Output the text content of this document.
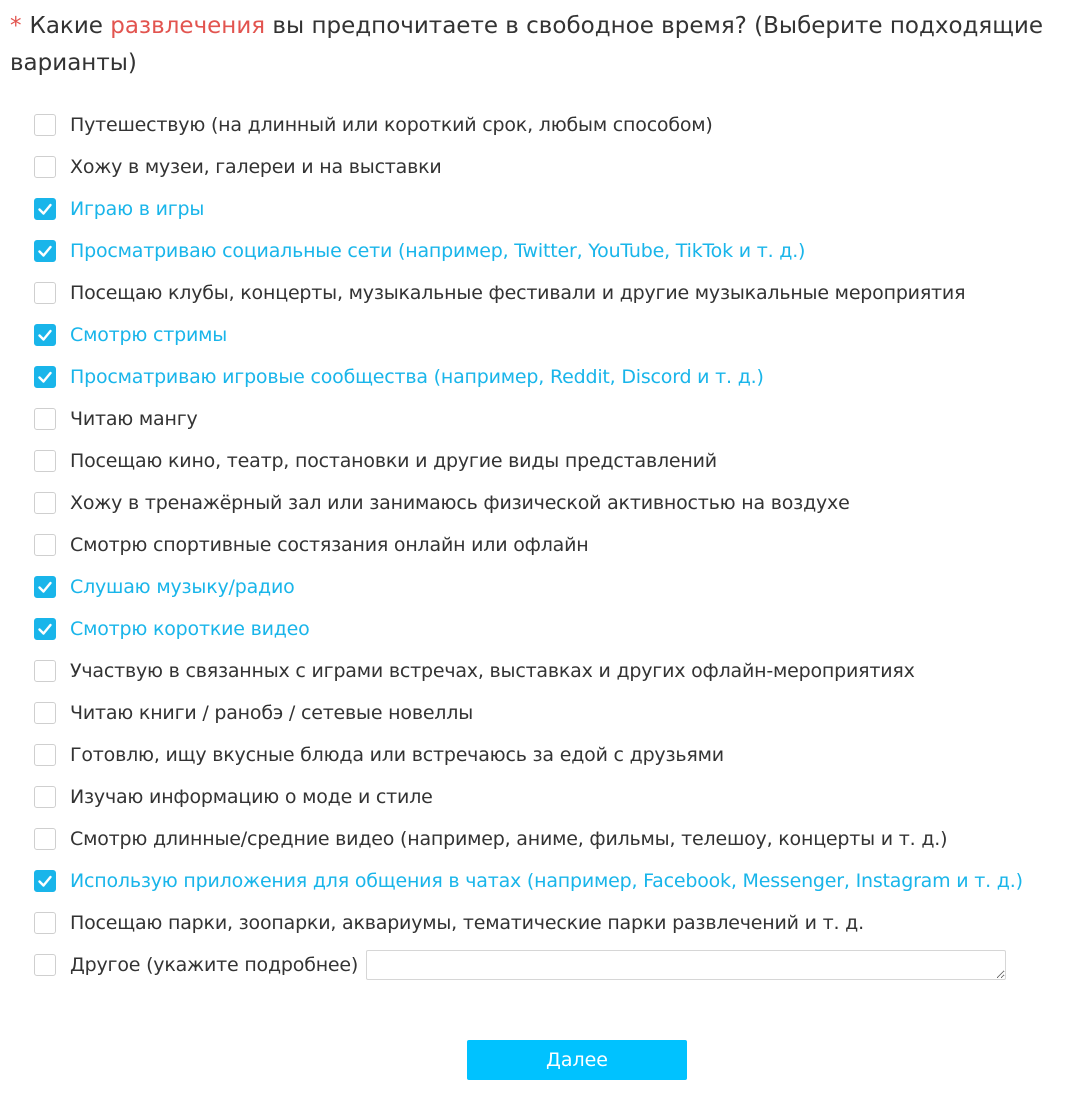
* Какие развлечения вы предпочитаете в свободное время? (Выберите подходящие варианты)
Путешествую (на длинный или короткий срок, любым способом)
Хожу в музеи, галереи и на выставки
Играю в игры
Просматриваю социальные сети (например, Twitter, YouTube, TikTok и т. д.)
Посещаю клубы, концерты, музыкальные фестивали и другие музыкальные мероприятия
Смотрю стримы
Просматриваю игровые сообщества (например, Reddit, Discord и т. д.)
Читаю мангу
Посещаю кино, театр, постановки и другие виды представлений
Хожу в тренажёрный зал или занимаюсь физической активностью на воздухе
Смотрю спортивные состязания онлайн или офлайн
Слушаю музыку/радио
Смотрю короткие видео
Участвую в связанных с играми встречах, выставках и других офлайн-мероприятиях
Читаю книги / ранобэ / сетевые новеллы
Готовлю, ищу вкусные блюда или встречаюсь за едой с друзьями
Изучаю информацию о моде и стиле
Смотрю длинные/средние видео (например, аниме, фильмы, телешоу, концерты и т. д.)
Использую приложения для общения в чатах (например, Facebook, Messenger, Instagram и т. д.)
Посещаю парки, зоопарки, аквариумы, тематические парки развлечений и т. д.
Другое (укажите подробнее)
Далее
